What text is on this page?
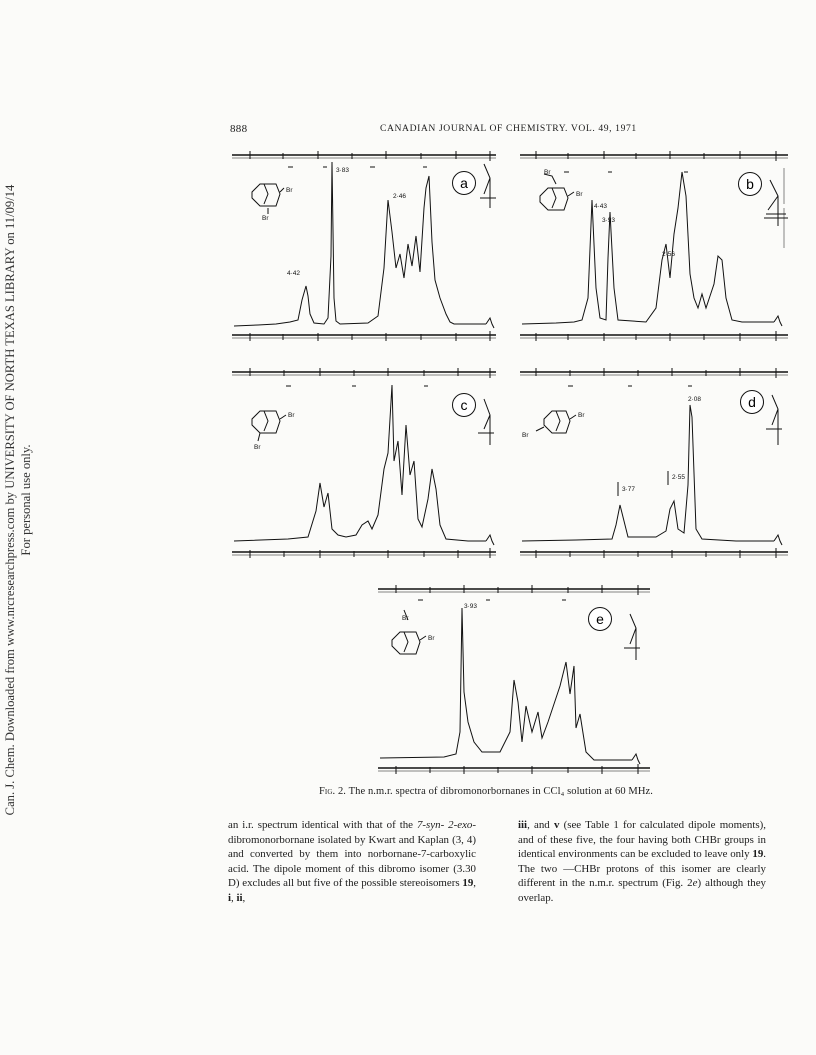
Can. J. Chem. Downloaded from www.nrcresearchpress.com by UNIVERSITY OF NORTH TEXAS LIBRARY on 11/09/14 For personal use only.
888	CANADIAN JOURNAL OF CHEMISTRY. VOL. 49, 1971
Br
Br
4·42
3·83
2·46
a
Br
Br
4·43
3·93
2·56
b
Br
Br
c
Br
Br
2·08
3·77
2·55
d
Br
Br
3·93
e
Fig. 2. The n.m.r. spectra of dibromonorbornanes in CCl₄ solution at 60 MHz.

an i.r. spectrum identical with that of the 7-syn- 2-exo-dibromonorbornane isolated by Kwart and Kaplan (3, 4) and converted by them into norbornane-7-carboxylic acid. The dipole moment of this dibromo isomer (3.30 D) excludes all but five of the possible stereoisomers 19, i, ii,

iii, and v (see Table 1 for calculated dipole moments), and of these five, the four having both CHBr groups in identical environments can be excluded to leave only 19. The two —CHBr protons of this isomer are clearly different in the n.m.r. spectrum (Fig. 2e) although they overlap.
